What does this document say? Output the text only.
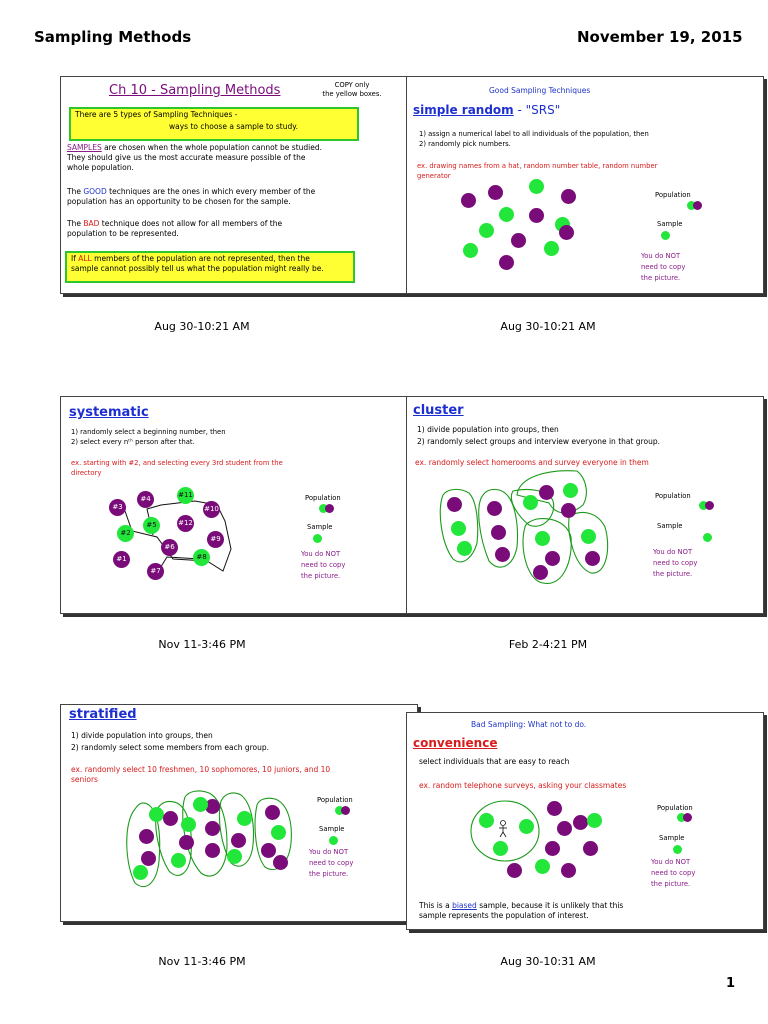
Sampling Methods	November 19, 2015
Ch 10 - Sampling Methods	COPY only
the yellow boxes.
There are 5 types of Sampling Techniques -
ways to choose a sample to study.
SAMPLES are chosen when the whole population cannot be studied.
They should give us the most accurate measure possible of the
whole population.
The GOOD techniques are the ones in which every member of the
population has an opportunity to be chosen for the sample.
The BAD technique does not allow for all members of the
population to be represented.
If ALL members of the population are not represented, then the
sample cannot possibly tell us what the population might really be.
Aug 30-10:21 AM
Good Sampling Techniques
simple random - "SRS"
1) assign a numerical label to all individuals of the population, then
2) randomly pick numbers.
ex. drawing names from a hat, random number table, random number
generator
Population
Sample
You do NOT
need to copy
the picture.
Aug 30-10:21 AM
systematic
1) randomly select a beginning number, then
2) select every nᵗʰ person after that.
ex. starting with #2, and selecting every 3rd student from the
directory
#3
#4	#11
#10
#5	#12
#2
#9
#6
#1	#8
#7
Population
Sample
You do NOT
need to copy
the picture.
Nov 11-3:46 PM
cluster
1) divide population into groups, then
2) randomly select groups and interview everyone in that group.
ex. randomly select homerooms and survey everyone in them
Population
Sample
You do NOT
need to copy
the picture.
Feb 2-4:21 PM
stratified
1) divide population into groups, then
2) randomly select some members from each group.
ex. randomly select 10 freshmen, 10 sophomores, 10 juniors, and 10
seniors
Population
Sample
You do NOT
need to copy
the picture.
Nov 11-3:46 PM
Bad Sampling: What not to do.
convenience
select individuals that are easy to reach
ex. random telephone surveys, asking your classmates
Population
Sample
You do NOT
need to copy
the picture.
This is a biased sample, because it is unlikely that this
sample represents the population of interest.
Aug 30-10:31 AM
1
